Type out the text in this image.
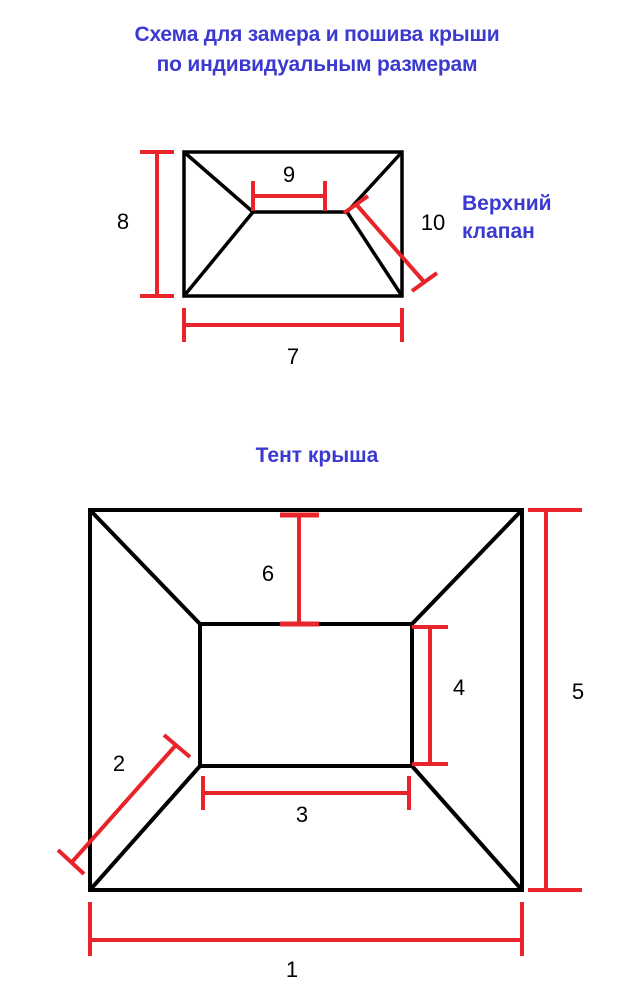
Схема для замера и пошива крыши
по индивидуальным размерам
Верхний
клапан
Тент крыша
8
9
10
7
6
4
3
2
5
1
